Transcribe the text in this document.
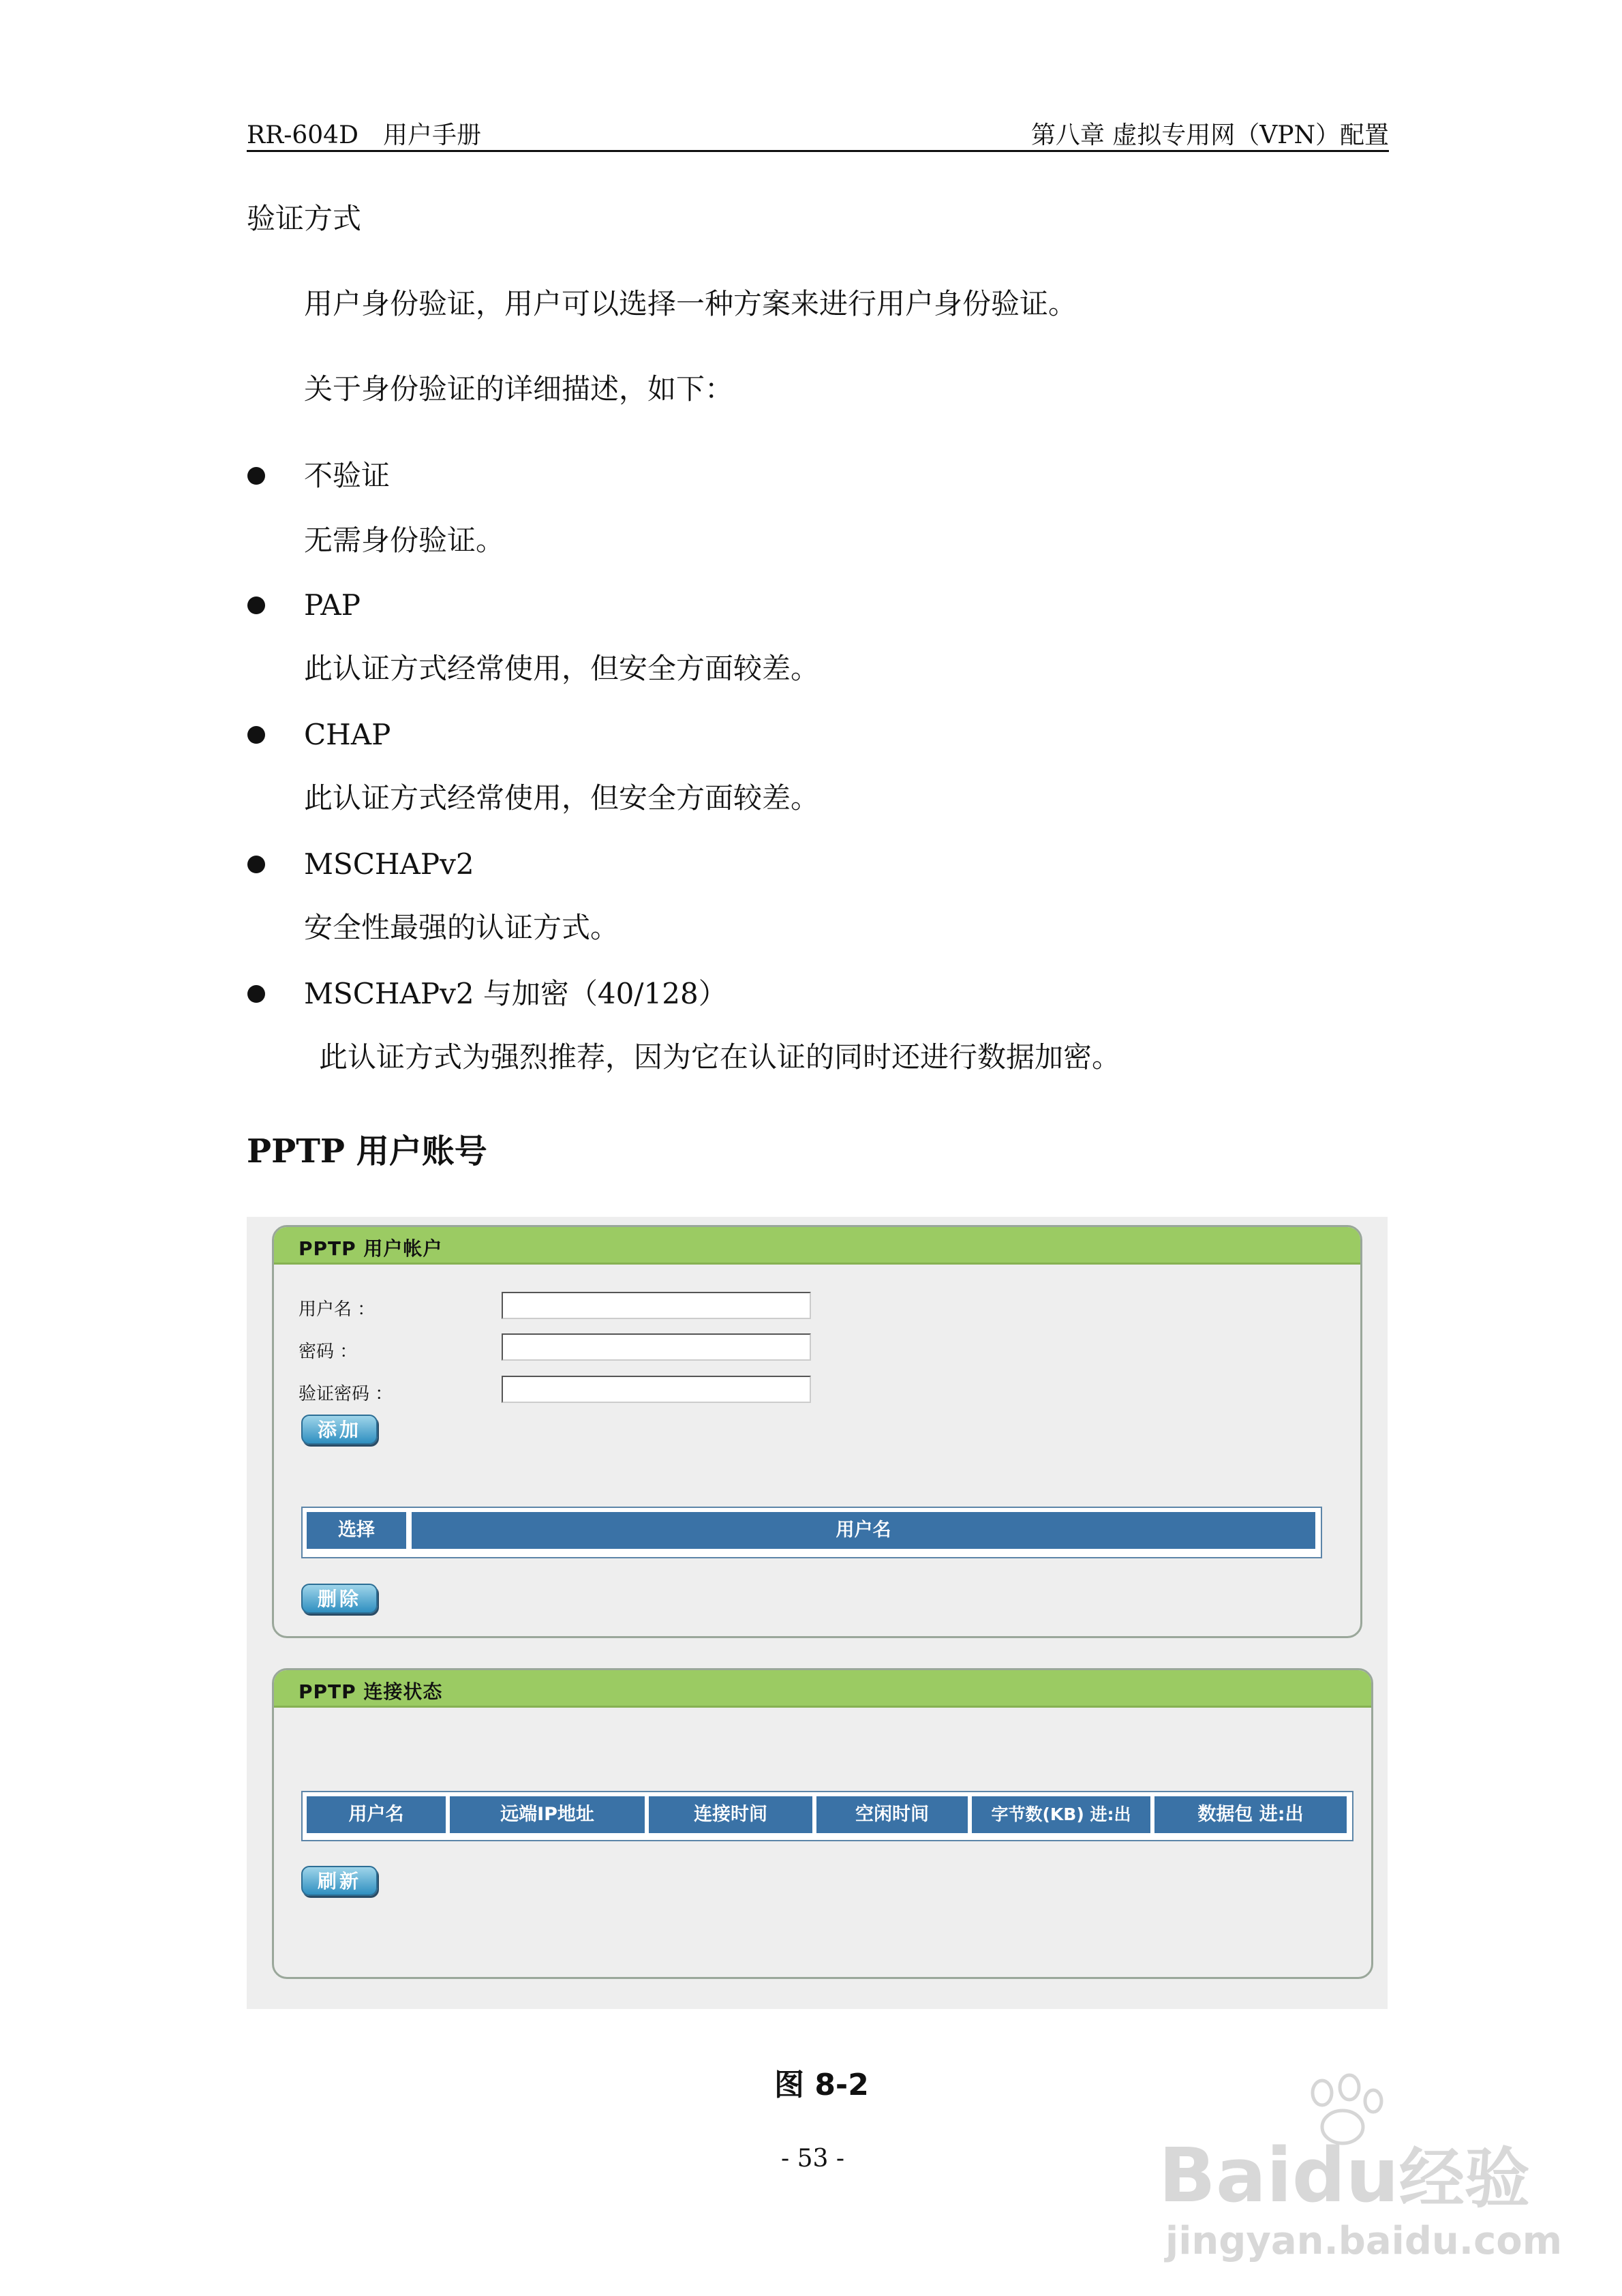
RR-604D　用户手册	第八章 虚拟专用网（VPN）配置
验证方式
用户身份验证，用户可以选择一种方案来进行用户身份验证。
关于身份验证的详细描述，如下：
不验证
无需身份验证。
PAP
此认证方式经常使用，但安全方面较差。
CHAP
此认证方式经常使用，但安全方面较差。
MSCHAPv2
安全性最强的认证方式。
MSCHAPv2 与加密（40/128）
此认证方式为强烈推荐，因为它在认证的同时还进行数据加密。
PPTP 用户账号
PPTP 用户帐户
用户名 ：
密码 ：
验证密码 ：
添加
选择	用户名
删除
PPTP 连接状态
用户名	远端IP地址	连接时间	空闲时间	字节数(KB) 进:出	数据包 进:出
刷新
图 8-2
- 53 -	Baidu经验
jingyan.baidu.com
